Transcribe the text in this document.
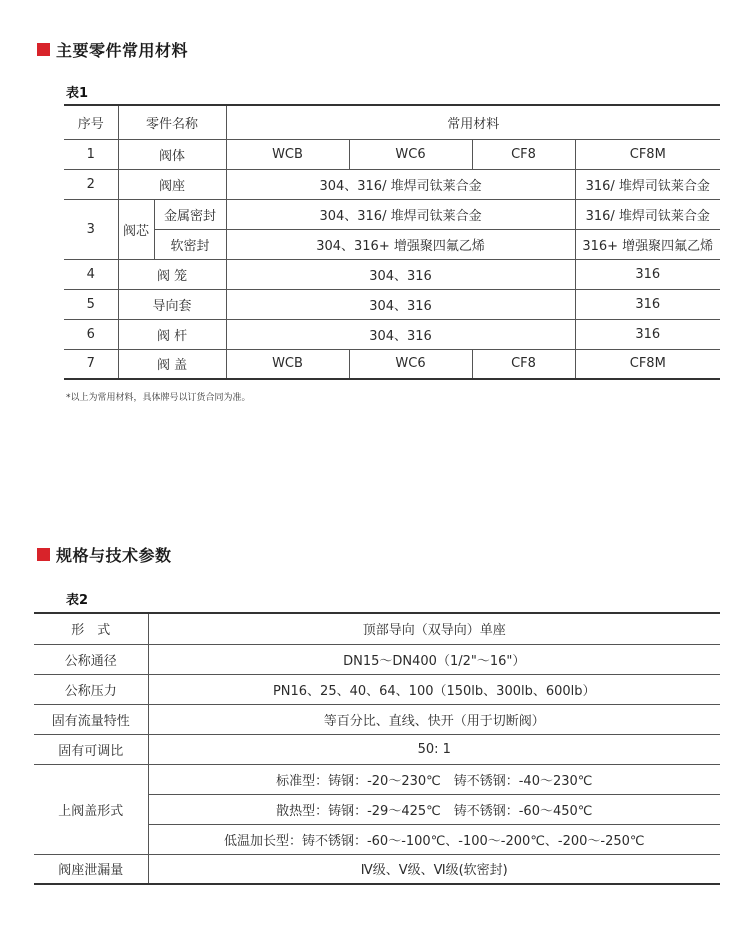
主要零件常用材料
表1
序号	零件名称		常用材料			
1	阀体		WCB	WC6	CF8	CF8M
2	阀座		304、316/ 堆焊司钛莱合金			316/ 堆焊司钛莱合金
3	阀芯	金属密封	304、316/ 堆焊司钛莱合金			316/ 堆焊司钛莱合金
		软密封	304、316+ 增强聚四氟乙烯			316+ 增强聚四氟乙烯
4	阀 笼		304、316			316
5	导向套		304、316			316
6	阀 杆		304、316			316
7	阀 盖		WCB	WC6	CF8	CF8M
*以上为常用材料，具体牌号以订货合同为准。
规格与技术参数
表2
形　式	顶部导向（双导向）单座
公称通径	DN15～DN400（1/2"～16"）
公称压力	PN16、25、40、64、100（150lb、300lb、600lb）
固有流量特性	等百分比、直线、快开（用于切断阀）
固有可调比	50: 1
上阀盖形式	标准型：铸钢：-20～230℃　铸不锈钢：-40～230℃
	散热型：铸钢：-29～425℃　铸不锈钢：-60～450℃
	低温加长型：铸不锈钢：-60～-100℃、-100～-200℃、-200～-250℃
阀座泄漏量	Ⅳ级、Ⅴ级、Ⅵ级(软密封)
